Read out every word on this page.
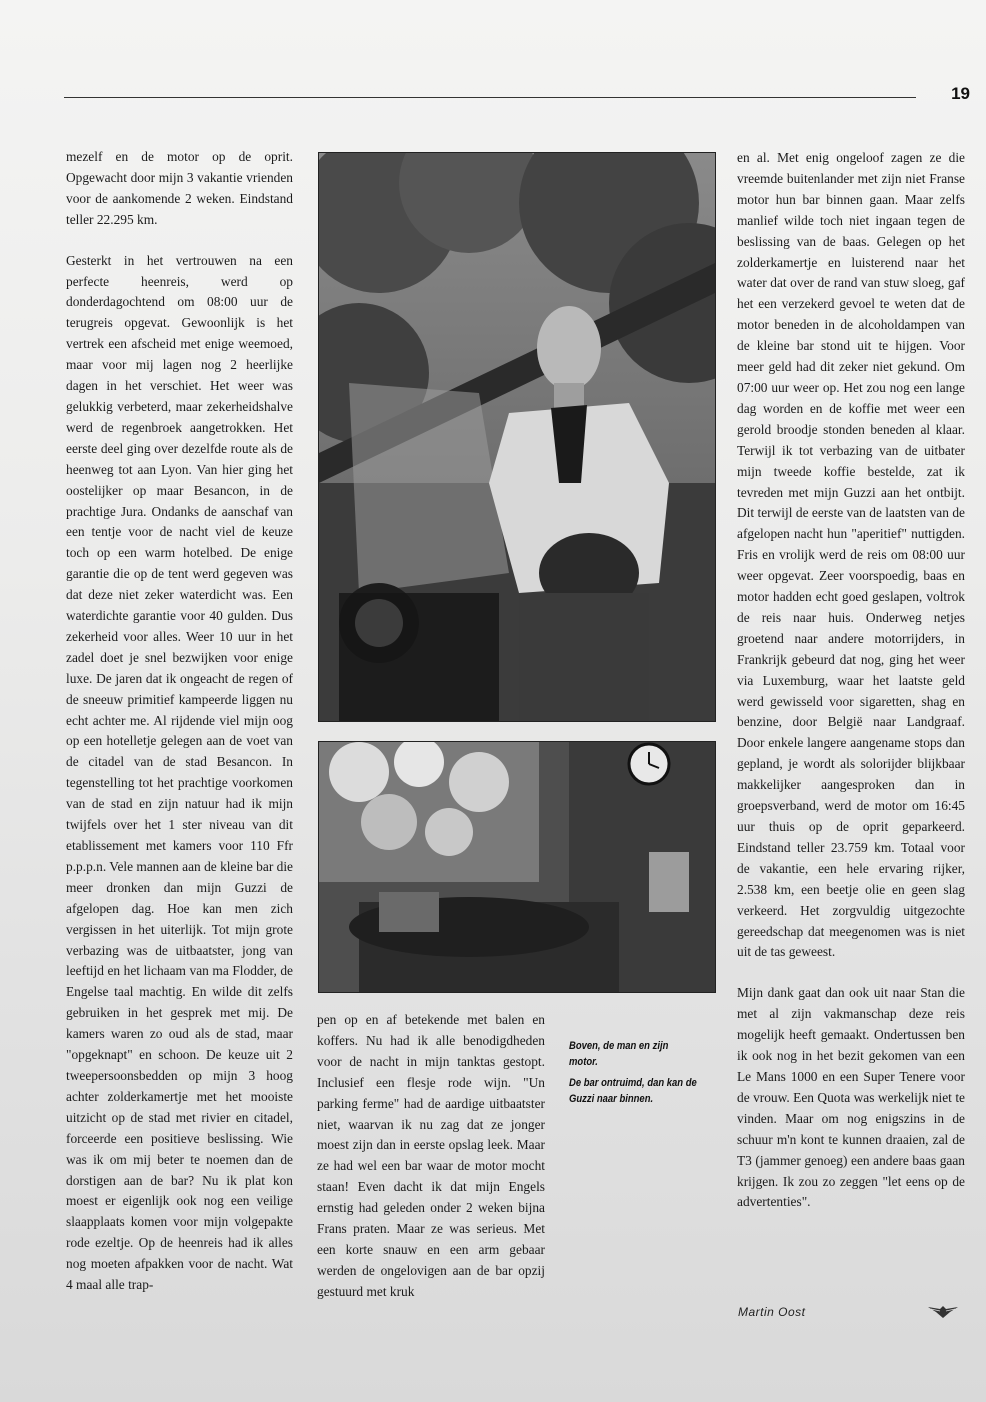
19

mezelf en de motor op de oprit. Opgewacht door mijn 3 vakantie vrienden voor de aankomende 2 weken. Eindstand teller 22.295 km.

Gesterkt in het vertrouwen na een perfecte heenreis, werd op donderdagochtend om 08:00 uur de terugreis opgevat. Gewoonlijk is het vertrek een afscheid met enige weemoed, maar voor mij lagen nog 2 heerlijke dagen in het verschiet. Het weer was gelukkig verbeterd, maar zekerheidshalve werd de regenbroek aangetrokken. Het eerste deel ging over dezelfde route als de heenweg tot aan Lyon. Van hier ging het oostelijker op maar Besancon, in de prachtige Jura. Ondanks de aanschaf van een tentje voor de nacht viel de keuze toch op een warm hotelbed. De enige garantie die op de tent werd gegeven was dat deze niet zeker waterdicht was. Een waterdichte garantie voor 40 gulden. Dus zekerheid voor alles. Weer 10 uur in het zadel doet je snel bezwijken voor enige luxe. De jaren dat ik ongeacht de regen of de sneeuw primitief kampeerde liggen nu echt achter me. Al rijdende viel mijn oog op een hotelletje gelegen aan de voet van de citadel van de stad Besancon. In tegenstelling tot het prachtige voorkomen van de stad en zijn natuur had ik mijn twijfels over het 1 ster niveau van dit etablissement met kamers voor 110 Ffr p.p.p.n. Vele mannen aan de kleine bar die meer dronken dan mijn Guzzi de afgelopen dag. Hoe kan men zich vergissen in het uiterlijk. Tot mijn grote verbazing was de uitbaatster, jong van leeftijd en het lichaam van ma Flodder, de Engelse taal machtig. En wilde dit zelfs gebruiken in het gesprek met mij. De kamers waren zo oud als de stad, maar "opgeknapt" en schoon. De keuze uit 2 tweepersoonsbedden op mijn 3 hoog achter zolderkamertje met het mooiste uitzicht op de stad met rivier en citadel, forceerde een positieve beslissing. Wie was ik om mij beter te noemen dan de dorstigen aan de bar? Nu ik plat kon moest er eigenlijk ook nog een veilige slaapplaats komen voor mijn volgepakte rode ezeltje. Op de heenreis had ik alles nog moeten afpakken voor de nacht. Wat 4 maal alle trap-

pen op en af betekende met balen en koffers. Nu had ik alle benodigdheden voor de nacht in mijn tanktas gestopt. Inclusief een flesje rode wijn. "Un parking ferme" had de aardige uitbaatster niet, waarvan ik nu zag dat ze jonger moest zijn dan in eerste opslag leek. Maar ze had wel een bar waar de motor mocht staan! Even dacht ik dat mijn Engels ernstig had geleden onder 2 weken bijna Frans praten. Maar ze was serieus. Met een korte snauw en een arm gebaar werden de ongelovigen aan de bar opzij gestuurd met kruk

Boven, de man en zijn motor.
De bar ontruimd, dan kan de Guzzi naar binnen.

en al. Met enig ongeloof zagen ze die vreemde buitenlander met zijn niet Franse motor hun bar binnen gaan. Maar zelfs manlief wilde toch niet ingaan tegen de beslissing van de baas. Gelegen op het zolderkamertje en luisterend naar het water dat over de rand van stuw sloeg, gaf het een verzekerd gevoel te weten dat de motor beneden in de alcoholdampen van de kleine bar stond uit te hijgen. Voor meer geld had dit zeker niet gekund. Om 07:00 uur weer op. Het zou nog een lange dag worden en de koffie met weer een gerold broodje stonden beneden al klaar. Terwijl ik tot verbazing van de uitbater mijn tweede koffie bestelde, zat ik tevreden met mijn Guzzi aan het ontbijt. Dit terwijl de eerste van de laatsten van de afgelopen nacht hun "aperitief" nuttigden. Fris en vrolijk werd de reis om 08:00 uur weer opgevat. Zeer voorspoedig, baas en motor hadden echt goed geslapen, voltrok de reis naar huis. Onderweg netjes groetend naar andere motorrijders, in Frankrijk gebeurd dat nog, ging het weer via Luxemburg, waar het laatste geld werd gewisseld voor sigaretten, shag en benzine, door België naar Landgraaf. Door enkele langere aangename stops dan gepland, je wordt als solorijder blijkbaar makkelijker aangesproken dan in groepsverband, werd de motor om 16:45 uur thuis op de oprit geparkeerd. Eindstand teller 23.759 km. Totaal voor de vakantie, een hele ervaring rijker, 2.538 km, een beetje olie en geen slag verkeerd. Het zorgvuldig uitgezochte gereedschap dat meegenomen was is niet uit de tas geweest.

Mijn dank gaat dan ook uit naar Stan die met al zijn vakmanschap deze reis mogelijk heeft gemaakt. Ondertussen ben ik ook nog in het bezit gekomen van een Le Mans 1000 en een Super Tenere voor de vrouw. Een Quota was werkelijk niet te vinden. Maar om nog enigszins in de schuur m'n kont te kunnen draaien, zal de T3 (jammer genoeg) een andere baas gaan krijgen. Ik zou zo zeggen "let eens op de advertenties".

Martin Oost
